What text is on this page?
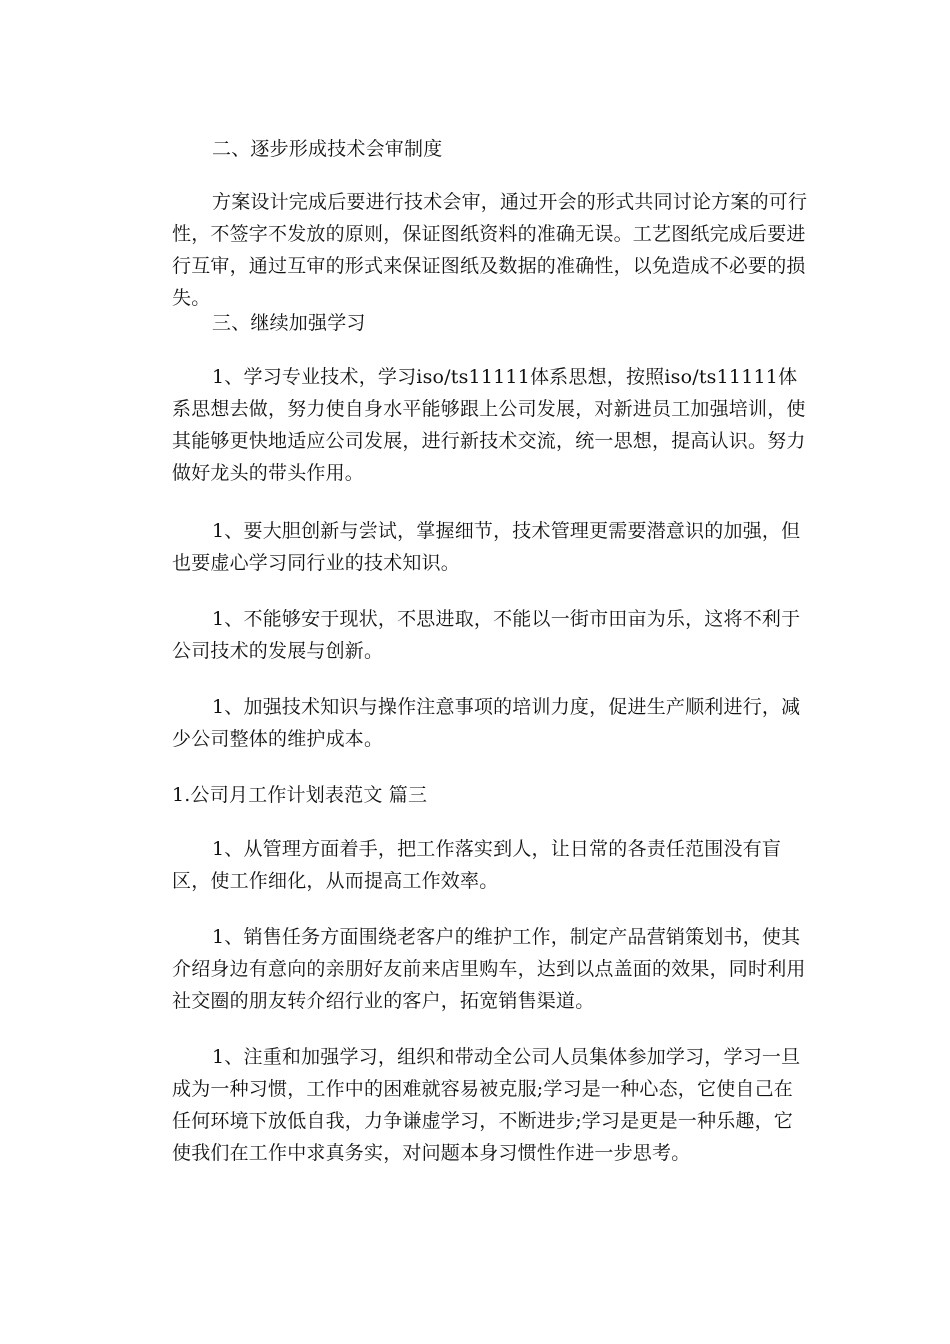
二、逐步形成技术会审制度
方案设计完成后要进行技术会审，通过开会的形式共同讨论方案的可行性，不签字不发放的原则，保证图纸资料的准确无误。工艺图纸完成后要进行互审，通过互审的形式来保证图纸及数据的准确性，以免造成不必要的损失。
三、继续加强学习
1、学习专业技术，学习iso/ts11111体系思想，按照iso/ts11111体系思想去做，努力使自身水平能够跟上公司发展，对新进员工加强培训，使其能够更快地适应公司发展，进行新技术交流，统一思想，提高认识。努力做好龙头的带头作用。
1、要大胆创新与尝试，掌握细节，技术管理更需要潜意识的加强，但也要虚心学习同行业的技术知识。
1、不能够安于现状，不思进取，不能以一街市田亩为乐，这将不利于公司技术的发展与创新。
1、加强技术知识与操作注意事项的培训力度，促进生产顺利进行，减少公司整体的维护成本。
1.公司月工作计划表范文 篇三
1、从管理方面着手，把工作落实到人，让日常的各责任范围没有盲区，使工作细化，从而提高工作效率。
1、销售任务方面围绕老客户的维护工作，制定产品营销策划书，使其介绍身边有意向的亲朋好友前来店里购车，达到以点盖面的效果，同时利用社交圈的朋友转介绍行业的客户，拓宽销售渠道。
1、注重和加强学习，组织和带动全公司人员集体参加学习，学习一旦成为一种习惯，工作中的困难就容易被克服;学习是一种心态，它使自己在任何环境下放低自我，力争谦虚学习，不断进步;学习是更是一种乐趣，它使我们在工作中求真务实，对问题本身习惯性作进一步思考。
